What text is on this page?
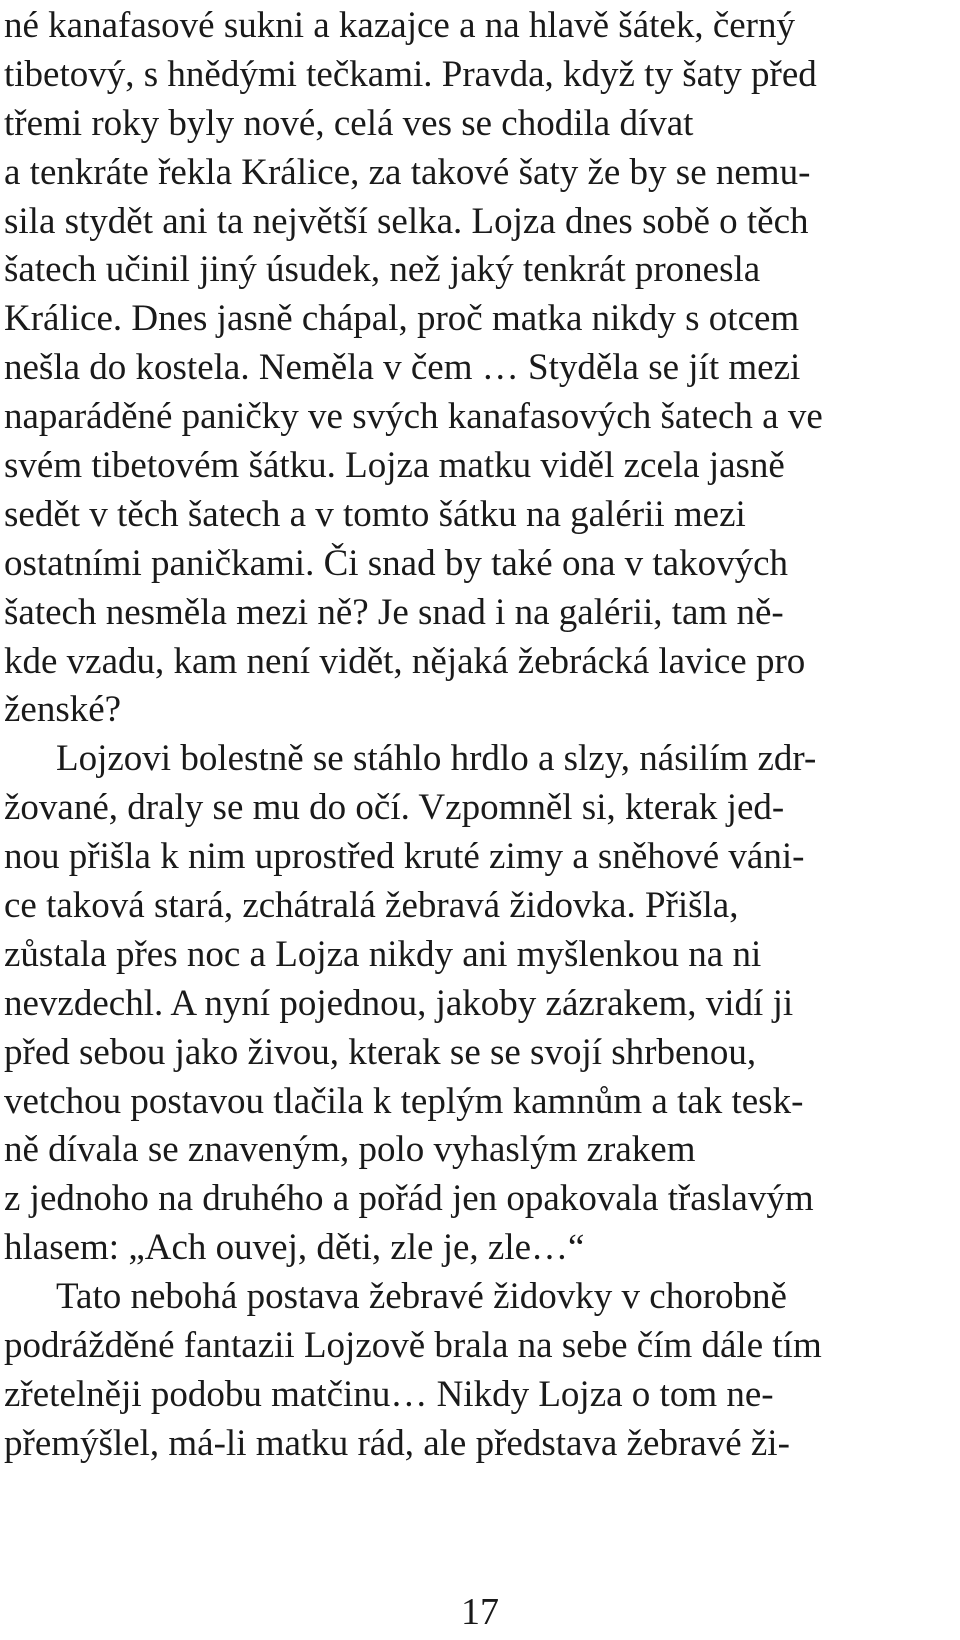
né kanafasové sukni a kazajce a na hlavě šátek, černý

tibetový, s hnědými tečkami. Pravda, když ty šaty před

třemi roky byly nové, celá ves se chodila dívat

a tenkráte řekla Králice, za takové šaty že by se nemu-

sila stydět ani ta největší selka. Lojza dnes sobě o těch

šatech učinil jiný úsudek, než jaký tenkrát pronesla

Králice. Dnes jasně chápal, proč matka nikdy s otcem

nešla do kostela. Neměla v čem … Styděla se jít mezi

naparáděné paničky ve svých kanafasových šatech a ve

svém tibetovém šátku. Lojza matku viděl zcela jasně

sedět v těch šatech a v tomto šátku na galérii mezi

ostatními paničkami. Či snad by také ona v takových

šatech nesměla mezi ně? Je snad i na galérii, tam ně-

kde vzadu, kam není vidět, nějaká žebrácká lavice pro

ženské?

Lojzovi bolestně se stáhlo hrdlo a slzy, násilím zdr-

žované, draly se mu do očí. Vzpomněl si, kterak jed-

nou přišla k nim uprostřed kruté zimy a sněhové váni-

ce taková stará, zchátralá žebravá židovka. Přišla,

zůstala přes noc a Lojza nikdy ani myšlenkou na ni

nevzdechl. A nyní pojednou, jakoby zázrakem, vidí ji

před sebou jako živou, kterak se se svojí shrbenou,

vetchou postavou tlačila k teplým kamnům a tak tesk-

ně dívala se znaveným, polo vyhaslým zrakem

z jednoho na druhého a pořád jen opakovala třaslavým

hlasem: „Ach ouvej, děti, zle je, zle…“

Tato nebohá postava žebravé židovky v chorobně

podrážděné fantazii Lojzově brala na sebe čím dále tím

zřetelněji podobu matčinu… Nikdy Lojza o tom ne-

přemýšlel, má-li matku rád, ale představa žebravé ži-

17
